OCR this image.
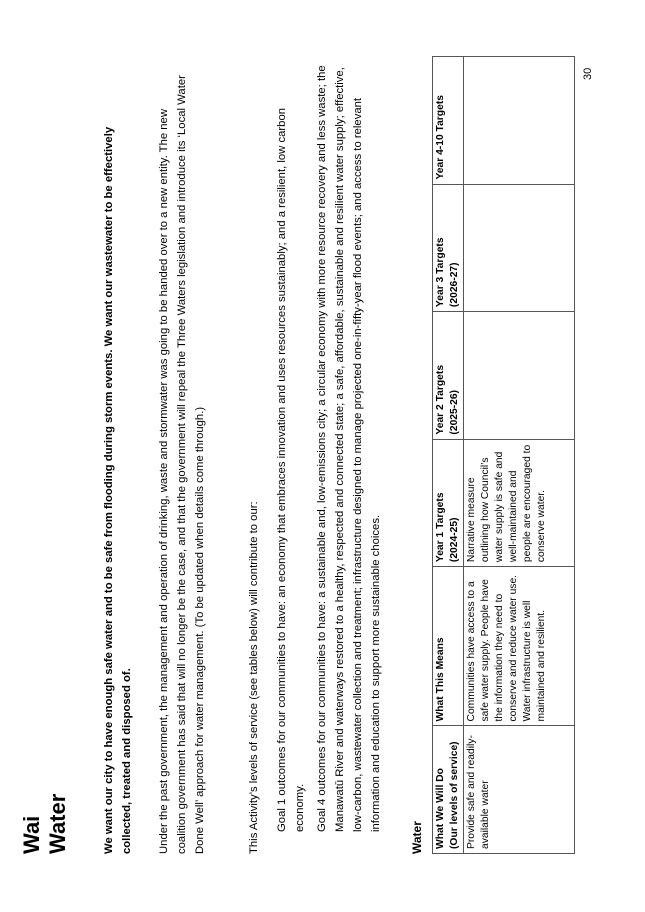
Wai Water	We want our city to have enough safe water and to be safe from flooding during storm events. We want our wastewater to be effectively collected, treated and disposed of. Under the past government, the management and operation of drinking, waste and stormwater was going to be handed over to a new entity. The new coalition government has said that will no longer be the case, and that the government will repeal the Three Waters legislation and introduce its ‘Local Water Done Well’ approach for water management. (To be updated when details come through.)	This Activity’s levels of service (see tables below) will contribute to our: Goal 1 outcomes for our communities to have: an economy that embraces innovation and uses resources sustainably; and a resilient, low carbon economy. Goal 4 outcomes for our communities to have: a sustainable and, low-emissions city; a circular economy with more resource recovery and less waste; the Manawatū River and waterways restored to a healthy, respected and connected state; a safe, affordable, sustainable and resilient water supply; effective, low-carbon, wastewater collection and treatment; infrastructure designed to manage projected one-in-fifty-year flood events; and access to relevant information and education to support more sustainable choices.
Water What We Will Do (Our levels of service)	What This Means	Year 1 Targets (2024-25)	Year 2 Targets (2025-26)	Year 3 Targets (2026-27)	Year 4-10 Targets
Provide safe and readily-available water	Communities have access to a safe water supply. People have the information they need to conserve and reduce water use. Water infrastructure is well maintained and resilient.	Narrative measure outlining how Council’s water supply is safe and well-maintained and people are encouraged to conserve water.			
30
